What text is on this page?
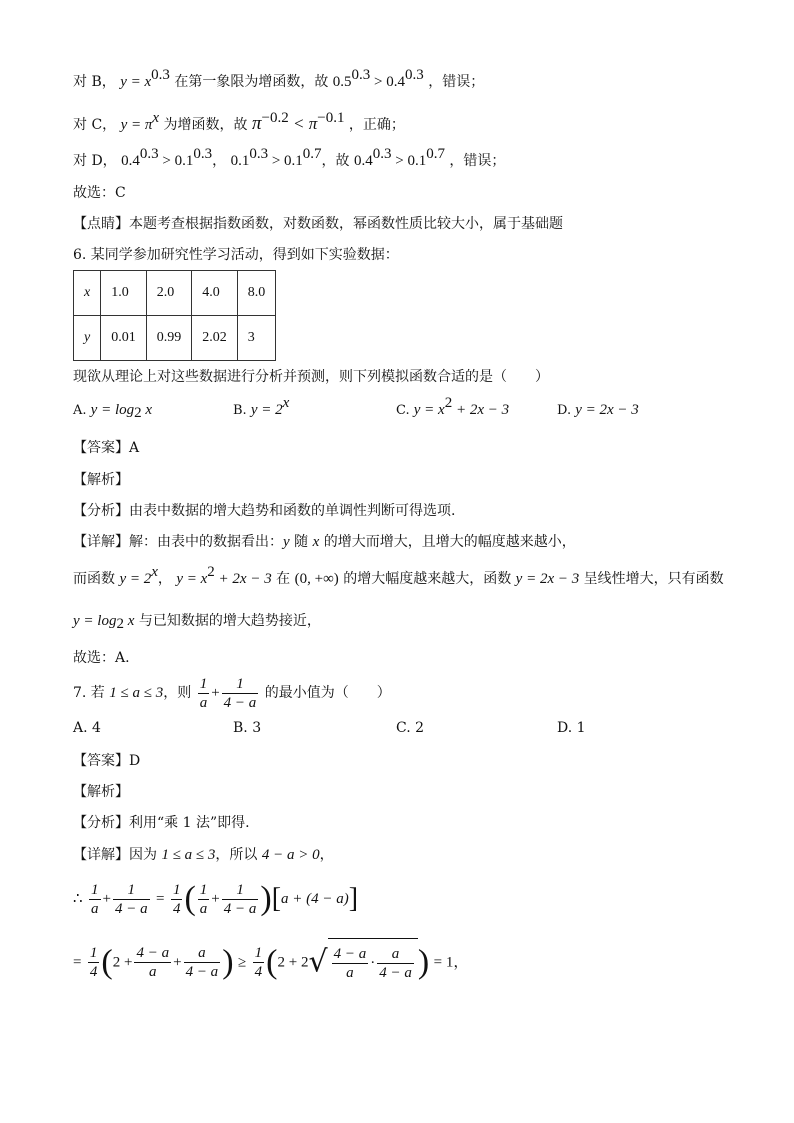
对 B， $y = x^{0.3}$ 在第一象限为增函数，故 $0.5^{0.3} > 0.4^{0.3}$ ，错误；
对 C， $y = \pi^x$ 为增函数，故 $\pi^{-0.2} < \pi^{-0.1}$ ，正确；
对 D， $0.4^{0.3} > 0.1^{0.3}$， $0.1^{0.3} > 0.1^{0.7}$，故 $0.4^{0.3} > 0.1^{0.7}$ ，错误；
故选：C
【点睛】本题考查根据指数函数，对数函数，幂函数性质比较大小，属于基础题
6. 某同学参加研究性学习活动，得到如下实验数据：
x	1.0	2.0	4.0	8.0
y	0.01	0.99	2.02	3
现欲从理论上对这些数据进行分析并预测，则下列模拟函数合适的是（　　）
A. $y = \log_2 x$	B. $y = 2^x$	C. $y = x^2 + 2x - 3$	D. y = 2x − 3
【答案】A
【解析】
【分析】由表中数据的增大趋势和函数的单调性判断可得选项.
【详解】解：由表中的数据看出：y 随 x 的增大而增大，且增大的幅度越来越小，
而函数 $y = 2^x$， $y = x^2 + 2x - 3$ 在 (0, +∞) 的增大幅度越来越大，函数 y = 2x − 3 呈线性增大，只有函数
$y = \log_2 x$ 与已知数据的增大趋势接近，
故选：A.
7. 若 1 ≤ a ≤ 3，则 $\frac{1}{a} + \frac{1}{4 - a}$ 的最小值为（　　）
A. 4	B. 3	C. 2	D. 1
【答案】D
【解析】
【分析】利用“乘 1 法”即得.
【详解】因为 1 ≤ a ≤ 3，所以 4 − a > 0，
∴ $\frac{1}{a} + \frac{1}{4 - a} = \frac{1}{4}$ ( $\frac{1}{a} + \frac{1}{4 - a} )[a + (4 - a)]$
= $\frac{1}{4} (2 + \frac{4 - a}{a} + \frac{a}{4 - a}$ ) ≥ $\frac{1}{4} (2 + 2√ \frac{4 - a}{a} \cdot \frac{a}{4 - a}$ ) = 1，
